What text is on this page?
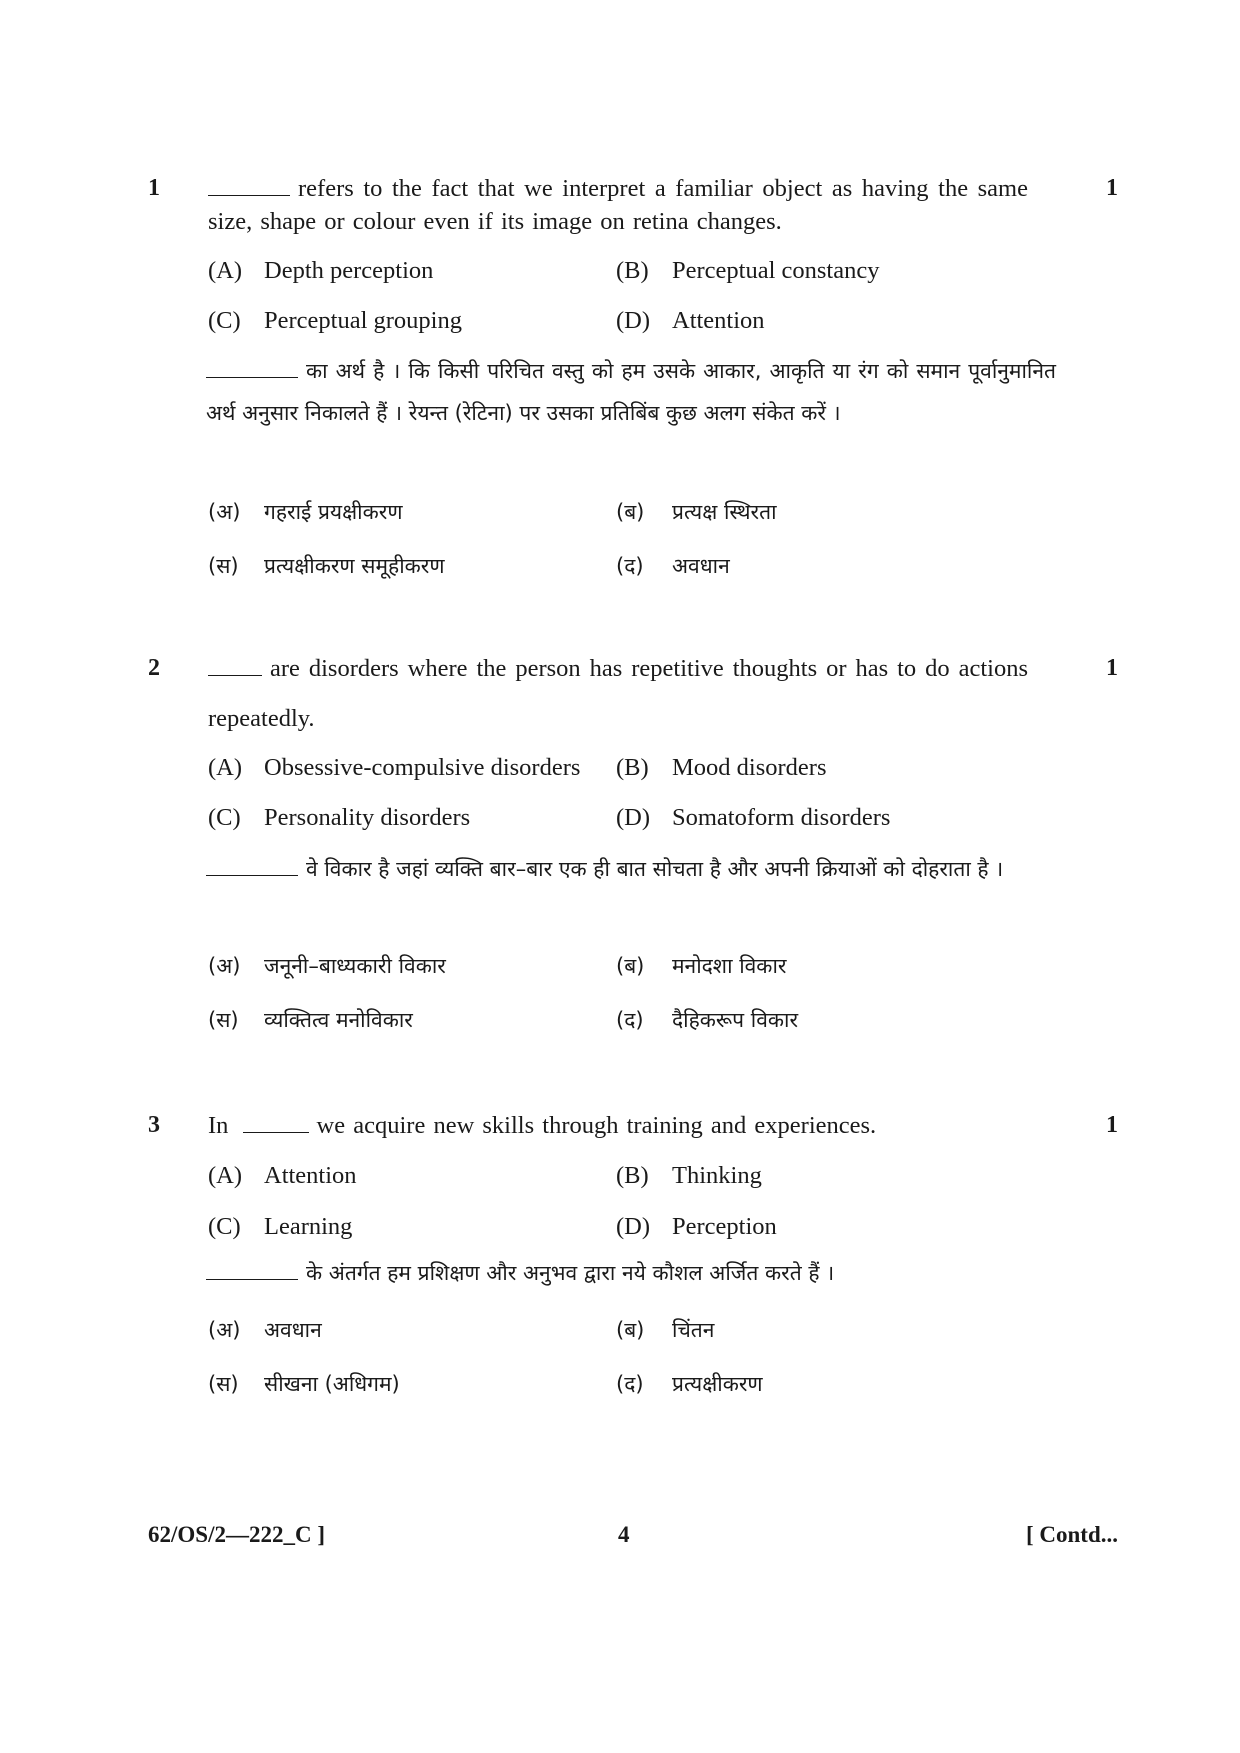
1	1
refers to the fact that we interpret a familiar object as having the same size, shape or colour even if its image on retina changes.
(A) Depth perception	(B) Perceptual constancy
(C) Perceptual grouping	(D) Attention
का अर्थ है । कि किसी परिचित वस्तु को हम उसके आकार, आकृति या रंग को समान पूर्वानुमानित अर्थ अनुसार निकालते हैं । रेयन्त (रेटिना) पर उसका प्रतिबिंब कुछ अलग संकेत करें ।
(अ) गहराई प्रयक्षीकरण	(ब) प्रत्यक्ष स्थिरता
(स) प्रत्यक्षीकरण समूहीकरण	(द) अवधान
2	1
are disorders where the person has repetitive thoughts or has to do actions repeatedly.
(A) Obsessive-compulsive disorders (B) Mood disorders
(C) Personality disorders	(D) Somatoform disorders
वे विकार है जहां व्यक्ति बार–बार एक ही बात सोचता है और अपनी क्रियाओं को दोहराता है ।
(अ) जनूनी–बाध्यकारी विकार	(ब) मनोदशा विकार
(स) व्यक्तित्व मनोविकार	(द) दैहिकरूप विकार
3	1
In	we acquire new skills through training and experiences.
(A) Attention	(B) Thinking
(C) Learning	(D) Perception
के अंतर्गत हम प्रशिक्षण और अनुभव द्वारा नये कौशल अर्जित करते हैं ।
(अ) अवधान	(ब) चिंतन
(स) सीखना (अधिगम)	(द) प्रत्यक्षीकरण
62/OS/2—222_C ]	4	[ Contd...
